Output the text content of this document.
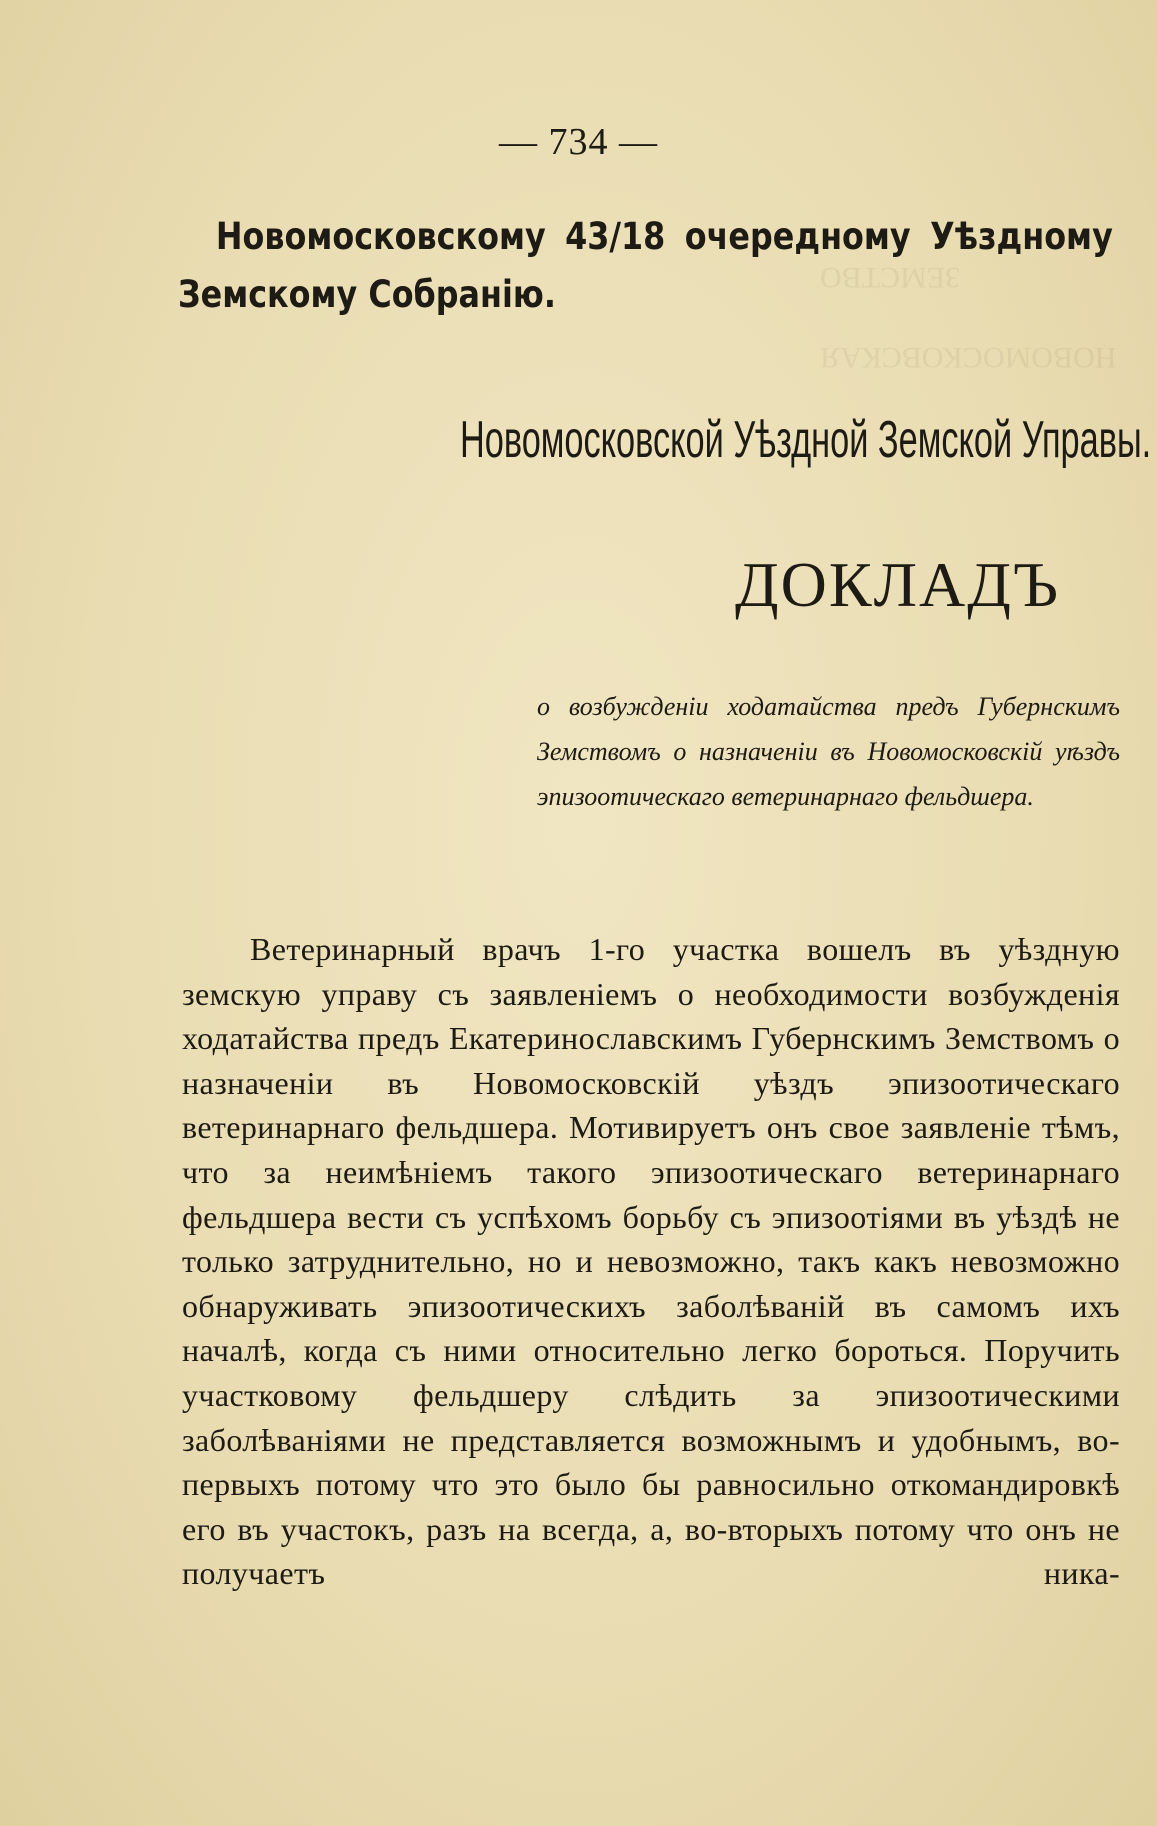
ЗЕМСТВО
НОВОМОСКОВСКАЯ
— 734 —
Новомосковскому 43/18 очередному Уѣздному
Земскому Собранiю.
Новомосковской Уѣздной Земской Управы.
ДОКЛАДЪ
о возбужденiи ходатайства предъ Губернскимъ Земствомъ о назначенiи въ Новомосковскiй уѣздъ эпизоотическаго ветеринарнаго фельдшера.

Ветеринарный врачъ 1-го участка вошелъ въ уѣздную земскую управу съ заявленiемъ о необходимости возбужденiя ходатайства предъ Екатеринославскимъ Губернскимъ Земствомъ о назначенiи въ Новомосковскiй уѣздъ эпизоотическаго ветеринарнаго фельдшера. Мотивируетъ онъ свое заявленiе тѣмъ, что за неимѣнiемъ такого эпизоотическаго ветеринарнаго фельдшера вести съ успѣхомъ борьбу съ эпизоотiями въ уѣздѣ не только затруднительно, но и невозможно, такъ какъ невозможно обнаруживать эпизоотическихъ заболѣванiй въ самомъ ихъ началѣ, когда съ ними относительно легко бороться. Поручить участковому фельдшеру слѣдить за эпизоотическими заболѣванiями не представляется возможнымъ и удобнымъ, во-первыхъ потому что это было бы равносильно откомандировкѣ его въ участокъ, разъ на всегда, а, во-вторыхъ потому что онъ не получаетъ ника-
